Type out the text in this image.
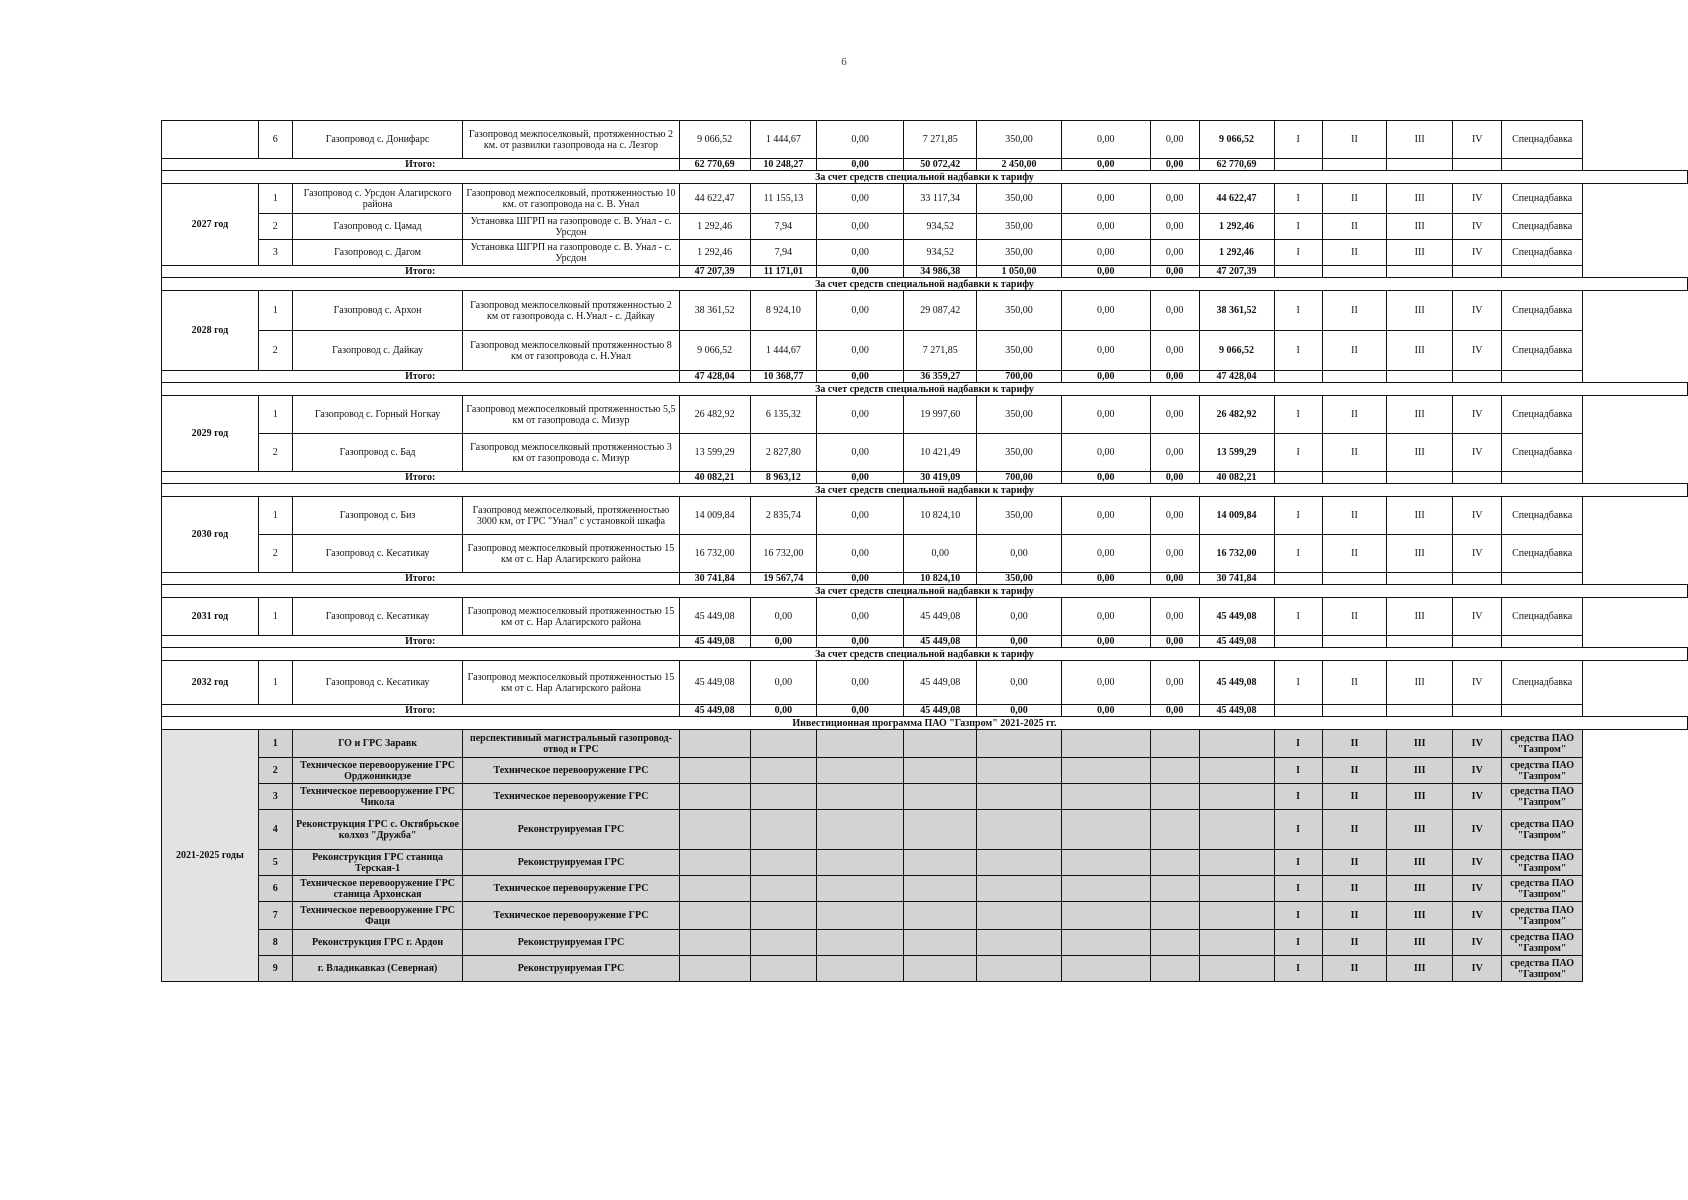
6
	6	Газопровод с. Донифарс	Газопровод межпоселковый, протяженностью 2 км. от развилки газопровода на с. Лезгор	9 066,52	1 444,67	0,00	7 271,85	350,00	0,00	0,00	9 066,52	I	II	III	IV	Спецнадбавка
Итого:				62 770,69	10 248,27	0,00	50 072,42	2 450,00	0,00	0,00	62 770,69					
За счет средств специальной надбавки к тарифу																
2027 год	1	Газопровод с. Урсдон Алагирского района	Газопровод межпоселковый, протяженностью 10 км. от газопровода на с. В. Унал	44 622,47	11 155,13	0,00	33 117,34	350,00	0,00	0,00	44 622,47	I	II	III	IV	Спецнадбавка
	2	Газопровод с. Цамад	Установка ШГРП на газопроводе с. В. Унал - с. Урсдон	1 292,46	7,94	0,00	934,52	350,00	0,00	0,00	1 292,46	I	II	III	IV	Спецнадбавка
	3	Газопровод с. Дагом	Установка ШГРП на газопроводе с. В. Унал - с. Урсдон	1 292,46	7,94	0,00	934,52	350,00	0,00	0,00	1 292,46	I	II	III	IV	Спецнадбавка
Итого:				47 207,39	11 171,01	0,00	34 986,38	1 050,00	0,00	0,00	47 207,39					
За счет средств специальной надбавки к тарифу																
2028 год	1	Газопровод с. Архон	Газопровод межпоселковый протяженностью 2 км от газопровода с. Н.Унал - с. Дайкау	38 361,52	8 924,10	0,00	29 087,42	350,00	0,00	0,00	38 361,52	I	II	III	IV	Спецнадбавка
	2	Газопровод с. Дайкау	Газопровод межпоселковый протяженностью 8 км от газопровода с. Н.Унал	9 066,52	1 444,67	0,00	7 271,85	350,00	0,00	0,00	9 066,52	I	II	III	IV	Спецнадбавка
Итого:				47 428,04	10 368,77	0,00	36 359,27	700,00	0,00	0,00	47 428,04					
За счет средств специальной надбавки к тарифу																
2029 год	1	Газопровод с. Горный Ногкау	Газопровод межпоселковый протяженностью 5,5 км от газопровода с. Мизур	26 482,92	6 135,32	0,00	19 997,60	350,00	0,00	0,00	26 482,92	I	II	III	IV	Спецнадбавка
	2	Газопровод с. Бад	Газопровод межпоселковый протяженностью 3 км от газопровода с. Мизур	13 599,29	2 827,80	0,00	10 421,49	350,00	0,00	0,00	13 599,29	I	II	III	IV	Спецнадбавка
Итого:				40 082,21	8 963,12	0,00	30 419,09	700,00	0,00	0,00	40 082,21					
За счет средств специальной надбавки к тарифу																
2030 год	1	Газопровод с. Биз	Газопровод межпоселковый, протяженностью 3000 км, от ГРС "Унал" с установкой шкафа	14 009,84	2 835,74	0,00	10 824,10	350,00	0,00	0,00	14 009,84	I	II	III	IV	Спецнадбавка
	2	Газопровод с. Кесатикау	Газопровод межпоселковый протяженностью 15 км от с. Нар Алагирского района	16 732,00	16 732,00	0,00	0,00	0,00	0,00	0,00	16 732,00	I	II	III	IV	Спецнадбавка
Итого:				30 741,84	19 567,74	0,00	10 824,10	350,00	0,00	0,00	30 741,84					
За счет средств специальной надбавки к тарифу																
2031 год	1	Газопровод с. Кесатикау	Газопровод межпоселковый протяженностью 15 км от с. Нар Алагирского района	45 449,08	0,00	0,00	45 449,08	0,00	0,00	0,00	45 449,08	I	II	III	IV	Спецнадбавка
Итого:				45 449,08	0,00	0,00	45 449,08	0,00	0,00	0,00	45 449,08					
За счет средств специальной надбавки к тарифу																
2032 год	1	Газопровод с. Кесатикау	Газопровод межпоселковый протяженностью 15 км от с. Нар Алагирского района	45 449,08	0,00	0,00	45 449,08	0,00	0,00	0,00	45 449,08	I	II	III	IV	Спецнадбавка
Итого:				45 449,08	0,00	0,00	45 449,08	0,00	0,00	0,00	45 449,08					
Инвестиционная программа ПАО "Газпром" 2021-2025 гг.																
2021-2025 годы	1	ГО и ГРС Заравк	перспективный магистральный газопровод-отвод и ГРС									I	II	III	IV	средства ПАО "Газпром"
	2	Техническое перевооружение ГРС Орджоникидзе	Техническое перевооружение ГРС									I	II	III	IV	средства ПАО "Газпром"
	3	Техническое перевооружение ГРС Чикола	Техническое перевооружение ГРС									I	II	III	IV	средства ПАО "Газпром"
	4	Реконструкция ГРС с. Октябрьское колхоз "Дружба"	Реконструируемая ГРС									I	II	III	IV	средства ПАО "Газпром"
	5	Реконструкция ГРС станица Терская-1	Реконструируемая ГРС									I	II	III	IV	средства ПАО "Газпром"
	6	Техническое перевооружение ГРС станица Архонская	Техническое перевооружение ГРС									I	II	III	IV	средства ПАО "Газпром"
	7	Техническое перевооружение ГРС Фаци	Техническое перевооружение ГРС									I	II	III	IV	средства ПАО "Газпром"
	8	Реконструкция ГРС г. Ардон	Реконструируемая ГРС									I	II	III	IV	средства ПАО "Газпром"
	9	г. Владикавказ (Северная)	Реконструируемая ГРС									I	II	III	IV	средства ПАО "Газпром"
